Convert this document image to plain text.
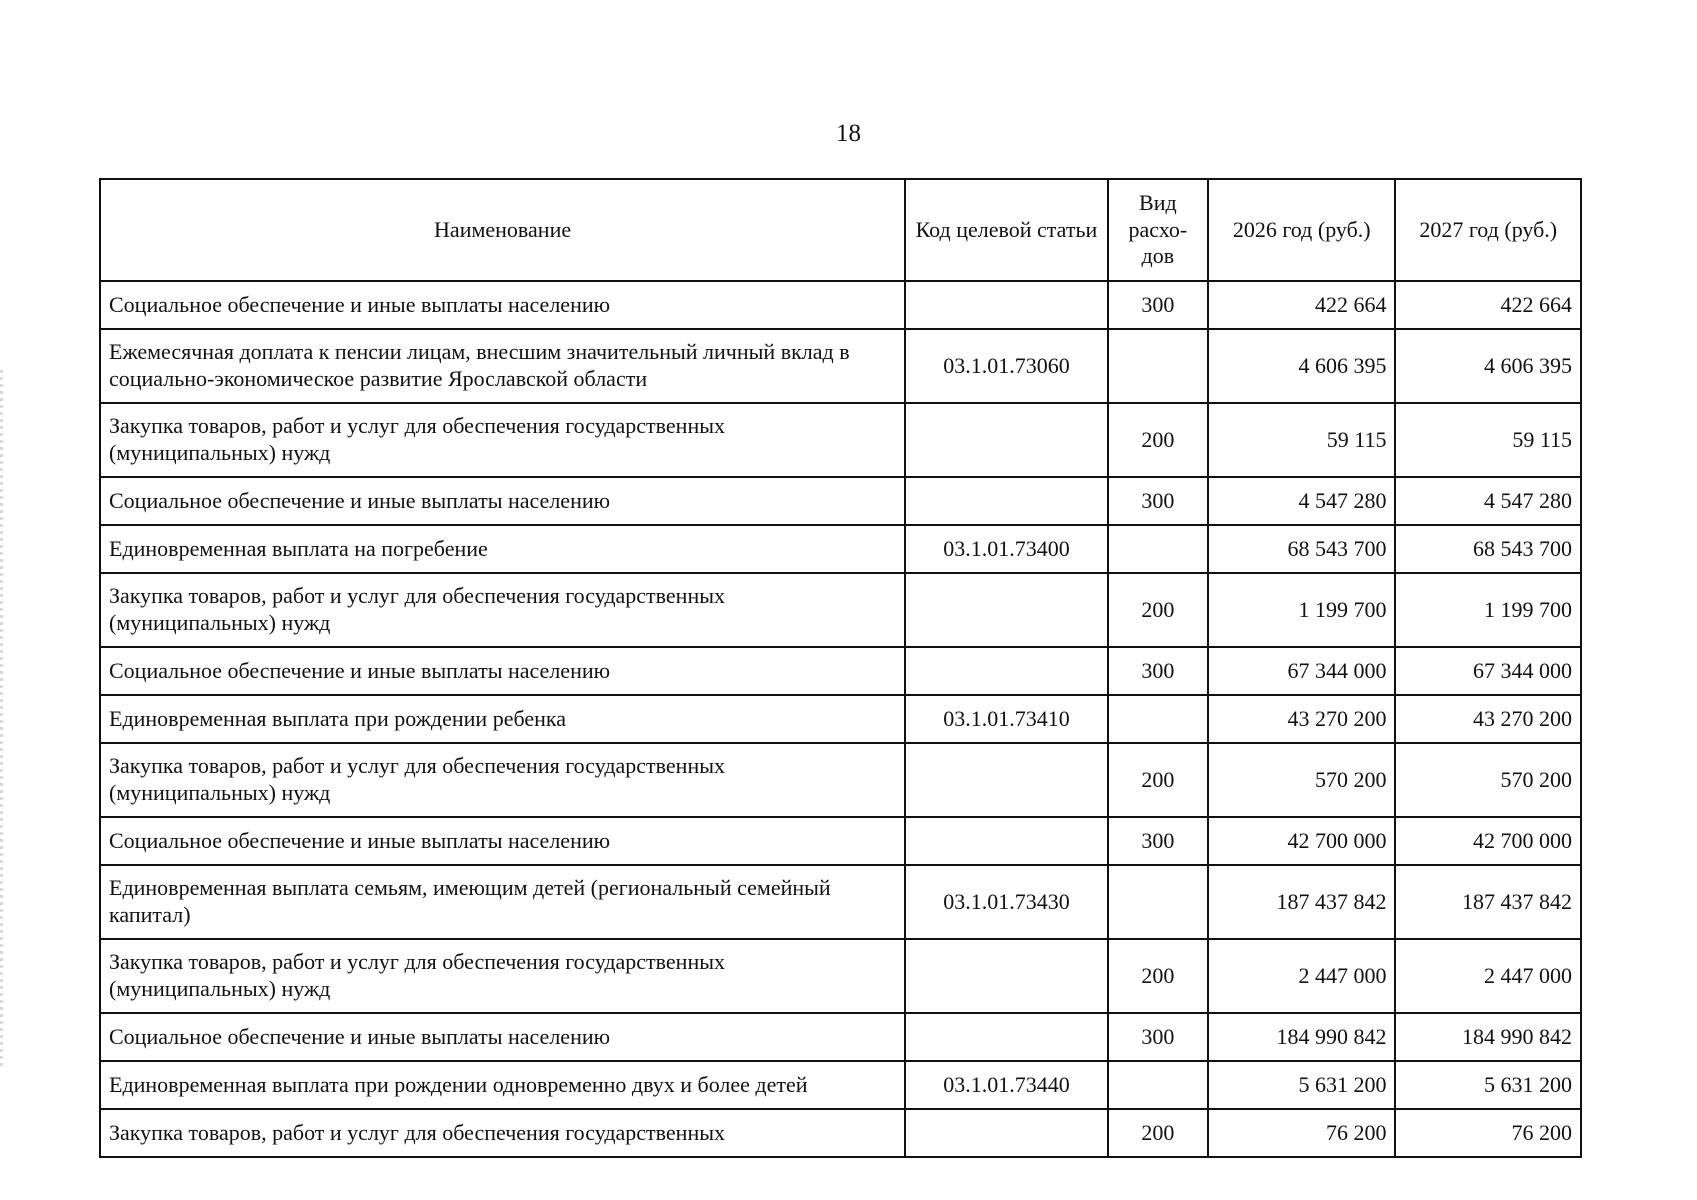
18
Наименование	Код целевой статьи	Вид расхо-дов	2026 год (руб.)	2027 год (руб.)
Социальное обеспечение и иные выплаты населению		300	422 664	422 664
Ежемесячная доплата к пенсии лицам, внесшим значительный личный вклад в социально-экономическое развитие Ярославской области	03.1.01.73060		4 606 395	4 606 395
Закупка товаров, работ и услуг для обеспечения государственных (муниципальных) нужд		200	59 115	59 115
Социальное обеспечение и иные выплаты населению		300	4 547 280	4 547 280
Единовременная выплата на погребение	03.1.01.73400		68 543 700	68 543 700
Закупка товаров, работ и услуг для обеспечения государственных (муниципальных) нужд		200	1 199 700	1 199 700
Социальное обеспечение и иные выплаты населению		300	67 344 000	67 344 000
Единовременная выплата при рождении ребенка	03.1.01.73410		43 270 200	43 270 200
Закупка товаров, работ и услуг для обеспечения государственных (муниципальных) нужд		200	570 200	570 200
Социальное обеспечение и иные выплаты населению		300	42 700 000	42 700 000
Единовременная выплата семьям, имеющим детей (региональный семейный капитал)	03.1.01.73430		187 437 842	187 437 842
Закупка товаров, работ и услуг для обеспечения государственных (муниципальных) нужд		200	2 447 000	2 447 000
Социальное обеспечение и иные выплаты населению		300	184 990 842	184 990 842
Единовременная выплата при рождении одновременно двух и более детей	03.1.01.73440		5 631 200	5 631 200
Закупка товаров, работ и услуг для обеспечения государственных		200	76 200	76 200
